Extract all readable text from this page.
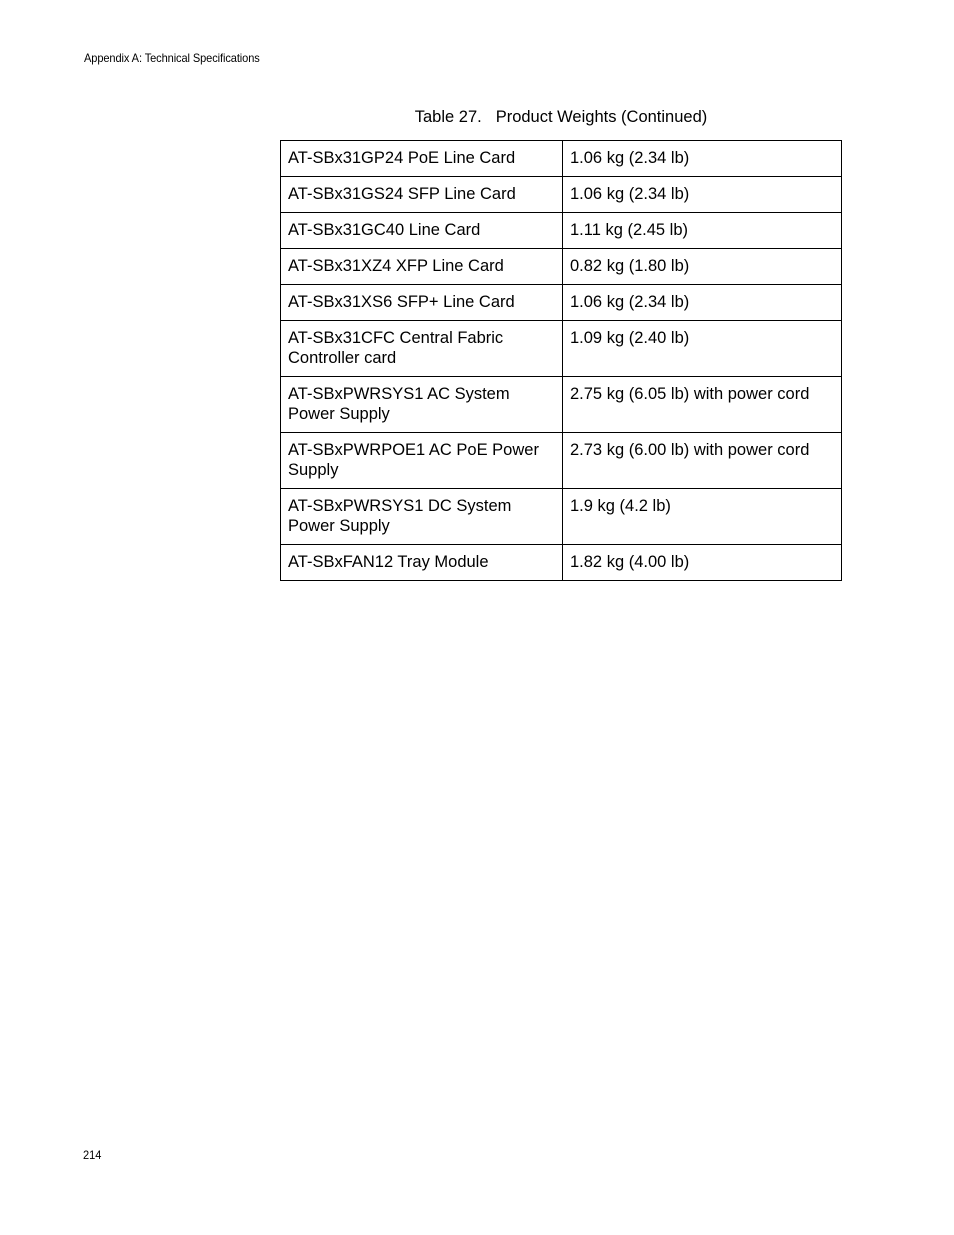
Appendix A: Technical Specifications
Table 27. Product Weights (Continued)
AT-SBx31GP24 PoE Line Card	1.06 kg (2.34 lb)
AT-SBx31GS24 SFP Line Card	1.06 kg (2.34 lb)
AT-SBx31GC40 Line Card	1.11 kg (2.45 lb)
AT-SBx31XZ4 XFP Line Card	0.82 kg (1.80 lb)
AT-SBx31XS6 SFP+ Line Card	1.06 kg (2.34 lb)
AT-SBx31CFC Central Fabric Controller card	1.09 kg (2.40 lb)
AT-SBxPWRSYS1 AC System Power Supply	2.75 kg (6.05 lb) with power cord
AT-SBxPWRPOE1 AC PoE Power Supply	2.73 kg (6.00 lb) with power cord
AT-SBxPWRSYS1 DC System Power Supply	1.9 kg (4.2 lb)
AT-SBxFAN12 Tray Module	1.82 kg (4.00 lb)
214
